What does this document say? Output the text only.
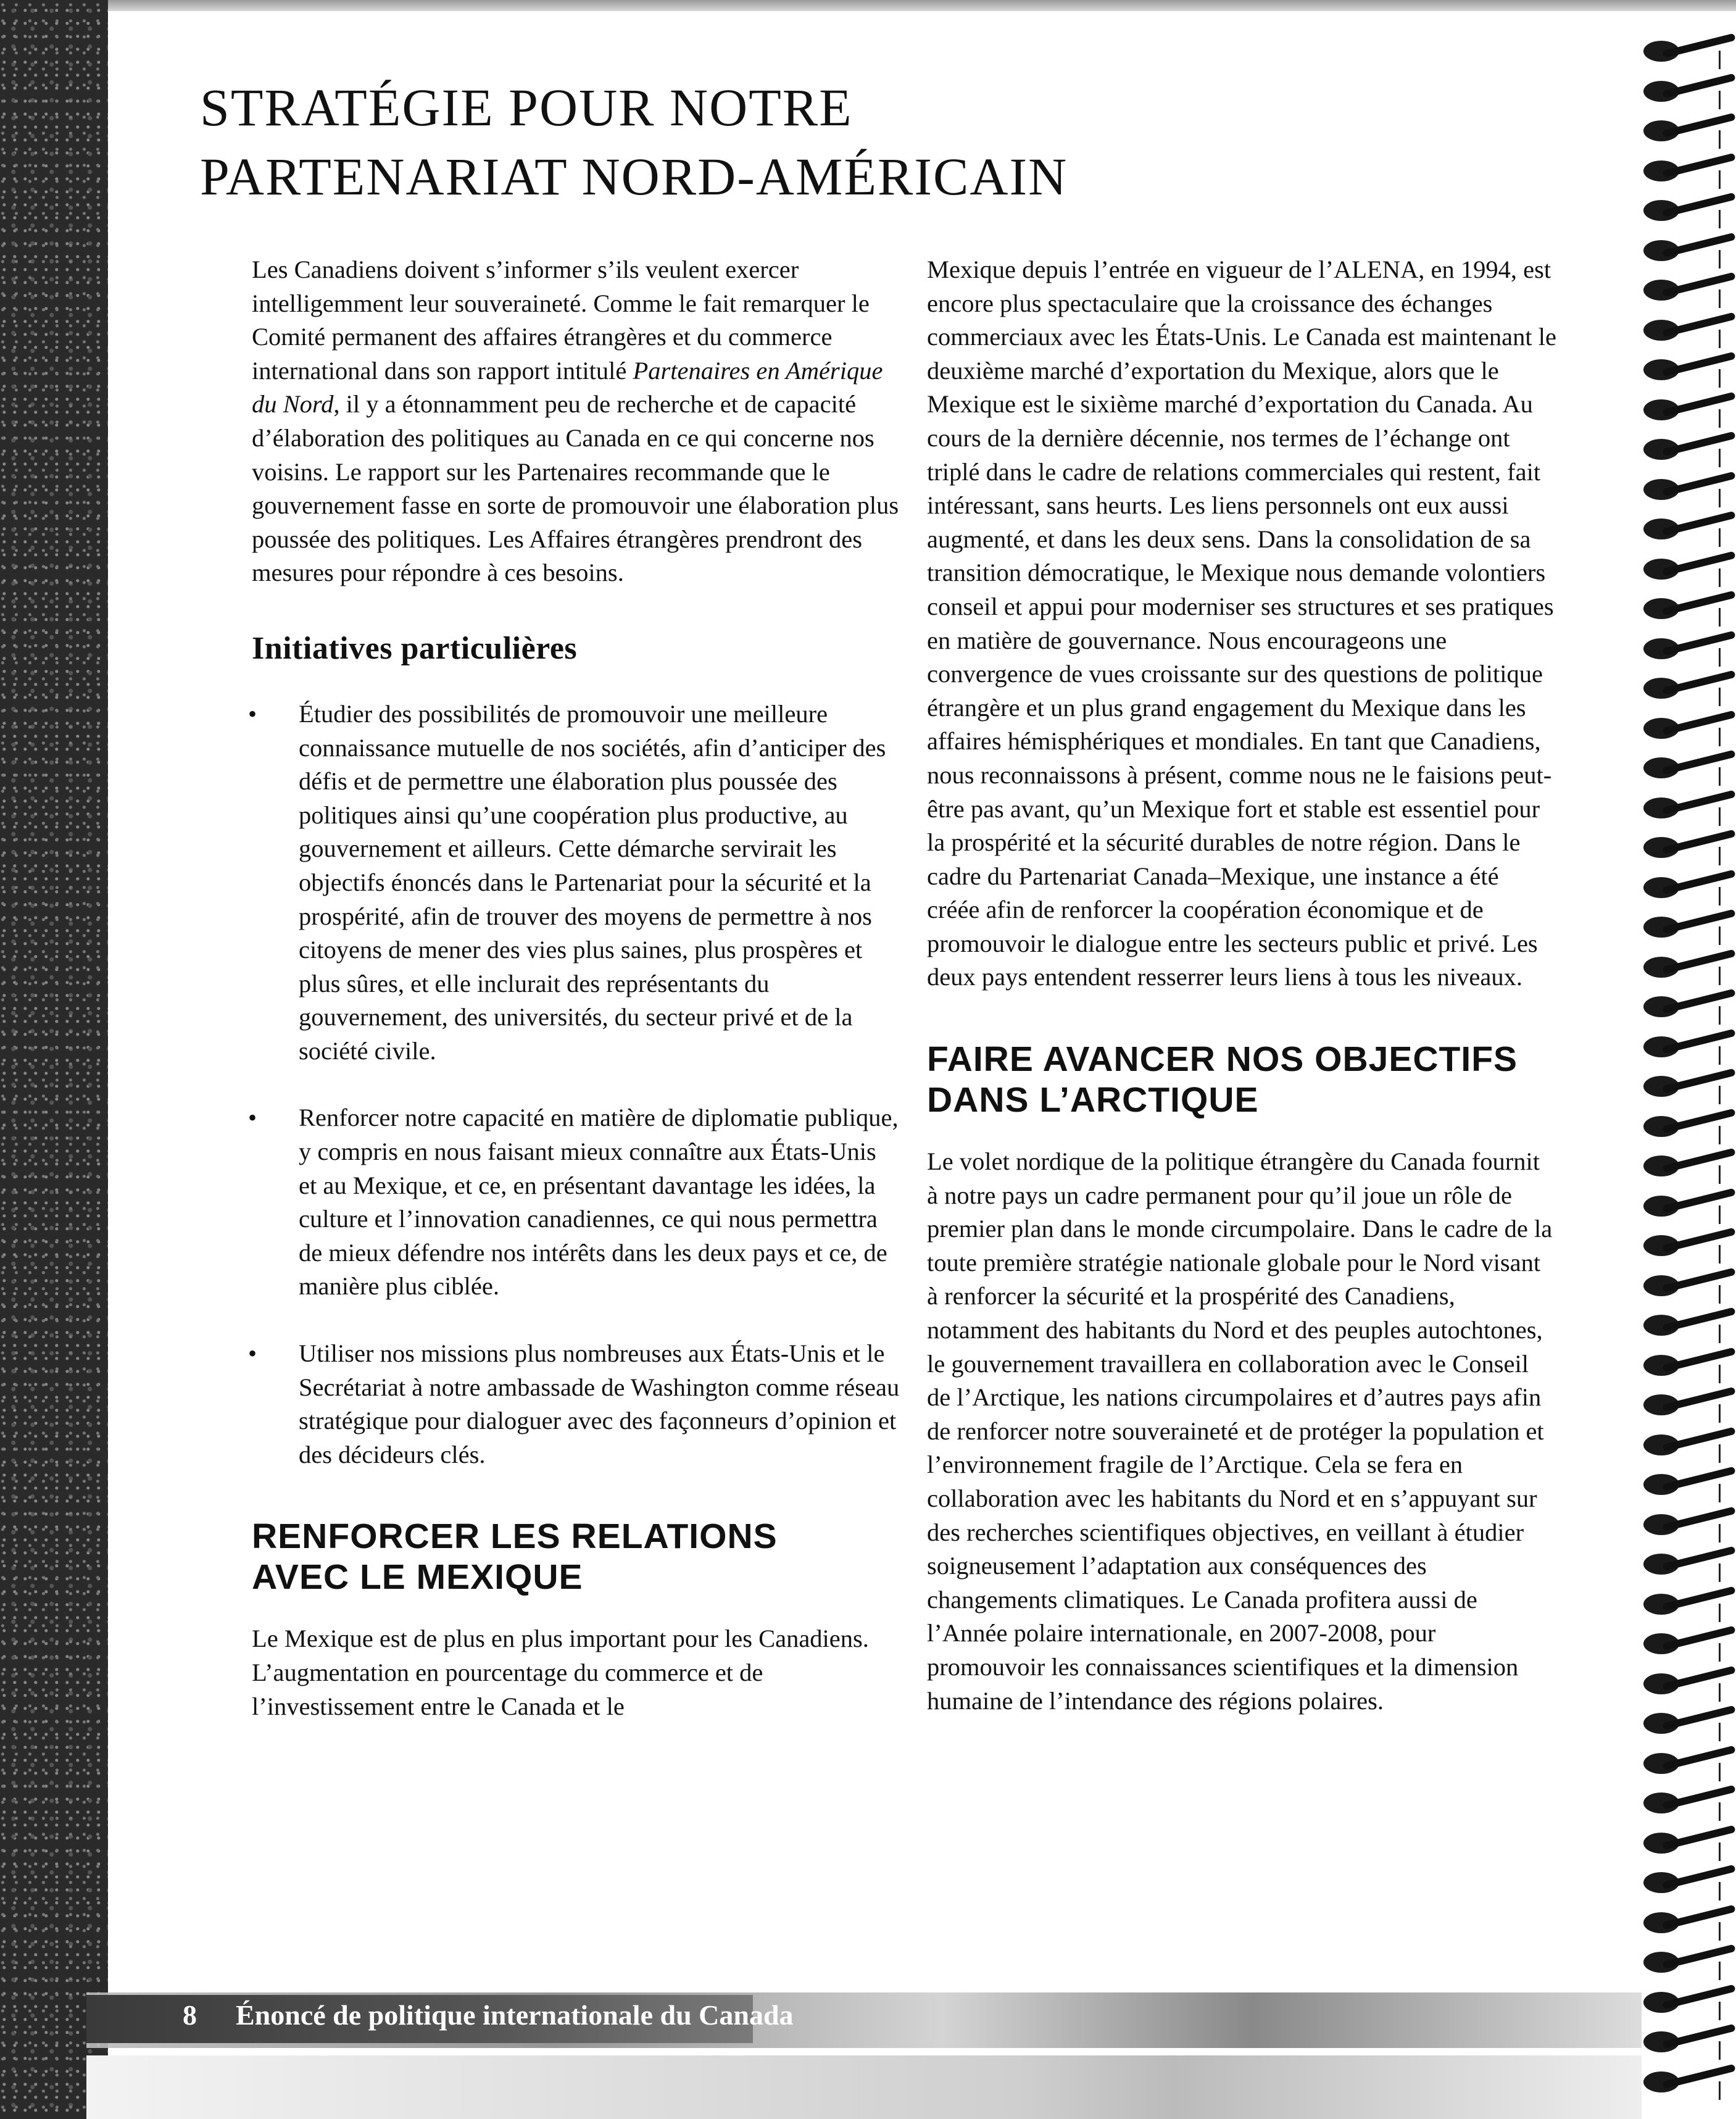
STRATÉGIE POUR NOTRE
PARTENARIAT NORD-AMÉRICAIN

Les Canadiens doivent s’informer s’ils veulent exercer intelligemment leur souveraineté. Comme le fait remarquer le Comité permanent des affaires étrangères et du commerce international dans son rapport intitulé Partenaires en Amérique du Nord, il y a étonnamment peu de recherche et de capacité d’élaboration des politiques au Canada en ce qui concerne nos voisins. Le rapport sur les Partenaires recommande que le gouvernement fasse en sorte de promouvoir une élaboration plus poussée des politiques. Les Affaires étrangères prendront des mesures pour répondre à ces besoins.

Initiatives particulières
• Étudier des possibilités de promouvoir une meilleure connaissance mutuelle de nos sociétés, afin d’anticiper des défis et de permettre une élaboration plus poussée des politiques ainsi qu’une coopération plus productive, au gouvernement et ailleurs. Cette démarche servirait les objectifs énoncés dans le Partenariat pour la sécurité et la prospérité, afin de trouver des moyens de permettre à nos citoyens de mener des vies plus saines, plus prospères et plus sûres, et elle inclurait des représentants du gouvernement, des universités, du secteur privé et de la société civile.
• Renforcer notre capacité en matière de diplomatie publique, y compris en nous faisant mieux connaître aux États-Unis et au Mexique, et ce, en présentant davantage les idées, la culture et l’innovation canadiennes, ce qui nous permettra de mieux défendre nos intérêts dans les deux pays et ce, de manière plus ciblée.
• Utiliser nos missions plus nombreuses aux États-Unis et le Secrétariat à notre ambassade de Washington comme réseau stratégique pour dialoguer avec des façonneurs d’opinion et des décideurs clés.
RENFORCER LES RELATIONS
AVEC LE MEXIQUE

Le Mexique est de plus en plus important pour les Canadiens. L’augmentation en pourcentage du commerce et de l’investissement entre le Canada et le

Mexique depuis l’entrée en vigueur de l’ALENA, en 1994, est encore plus spectaculaire que la croissance des échanges commerciaux avec les États-Unis. Le Canada est maintenant le deuxième marché d’exportation du Mexique, alors que le Mexique est le sixième marché d’exportation du Canada. Au cours de la dernière décennie, nos termes de l’échange ont triplé dans le cadre de relations commerciales qui restent, fait intéressant, sans heurts. Les liens personnels ont eux aussi augmenté, et dans les deux sens. Dans la consolidation de sa transition démocratique, le Mexique nous demande volontiers conseil et appui pour moderniser ses structures et ses pratiques en matière de gouvernance. Nous encourageons une convergence de vues croissante sur des questions de politique étrangère et un plus grand engagement du Mexique dans les affaires hémisphériques et mondiales. En tant que Canadiens, nous reconnaissons à présent, comme nous ne le faisions peut-être pas avant, qu’un Mexique fort et stable est essentiel pour la prospérité et la sécurité durables de notre région. Dans le cadre du Partenariat Canada–Mexique, une instance a été créée afin de renforcer la coopération économique et de promouvoir le dialogue entre les secteurs public et privé. Les deux pays entendent resserrer leurs liens à tous les niveaux.

FAIRE AVANCER NOS OBJECTIFS
DANS L’ARCTIQUE

Le volet nordique de la politique étrangère du Canada fournit à notre pays un cadre permanent pour qu’il joue un rôle de premier plan dans le monde circumpolaire. Dans le cadre de la toute première stratégie nationale globale pour le Nord visant à renforcer la sécurité et la prospérité des Canadiens, notamment des habitants du Nord et des peuples autochtones, le gouvernement travaillera en collaboration avec le Conseil de l’Arctique, les nations circumpolaires et d’autres pays afin de renforcer notre souveraineté et de protéger la population et l’environnement fragile de l’Arctique. Cela se fera en collaboration avec les habitants du Nord et en s’appuyant sur des recherches scientifiques objectives, en veillant à étudier soigneusement l’adaptation aux conséquences des changements climatiques. Le Canada profitera aussi de l’Année polaire internationale, en 2007-2008, pour promouvoir les connaissances scientifiques et la dimension humaine de l’intendance des régions polaires.

8 Énoncé de politique internationale du Canada
